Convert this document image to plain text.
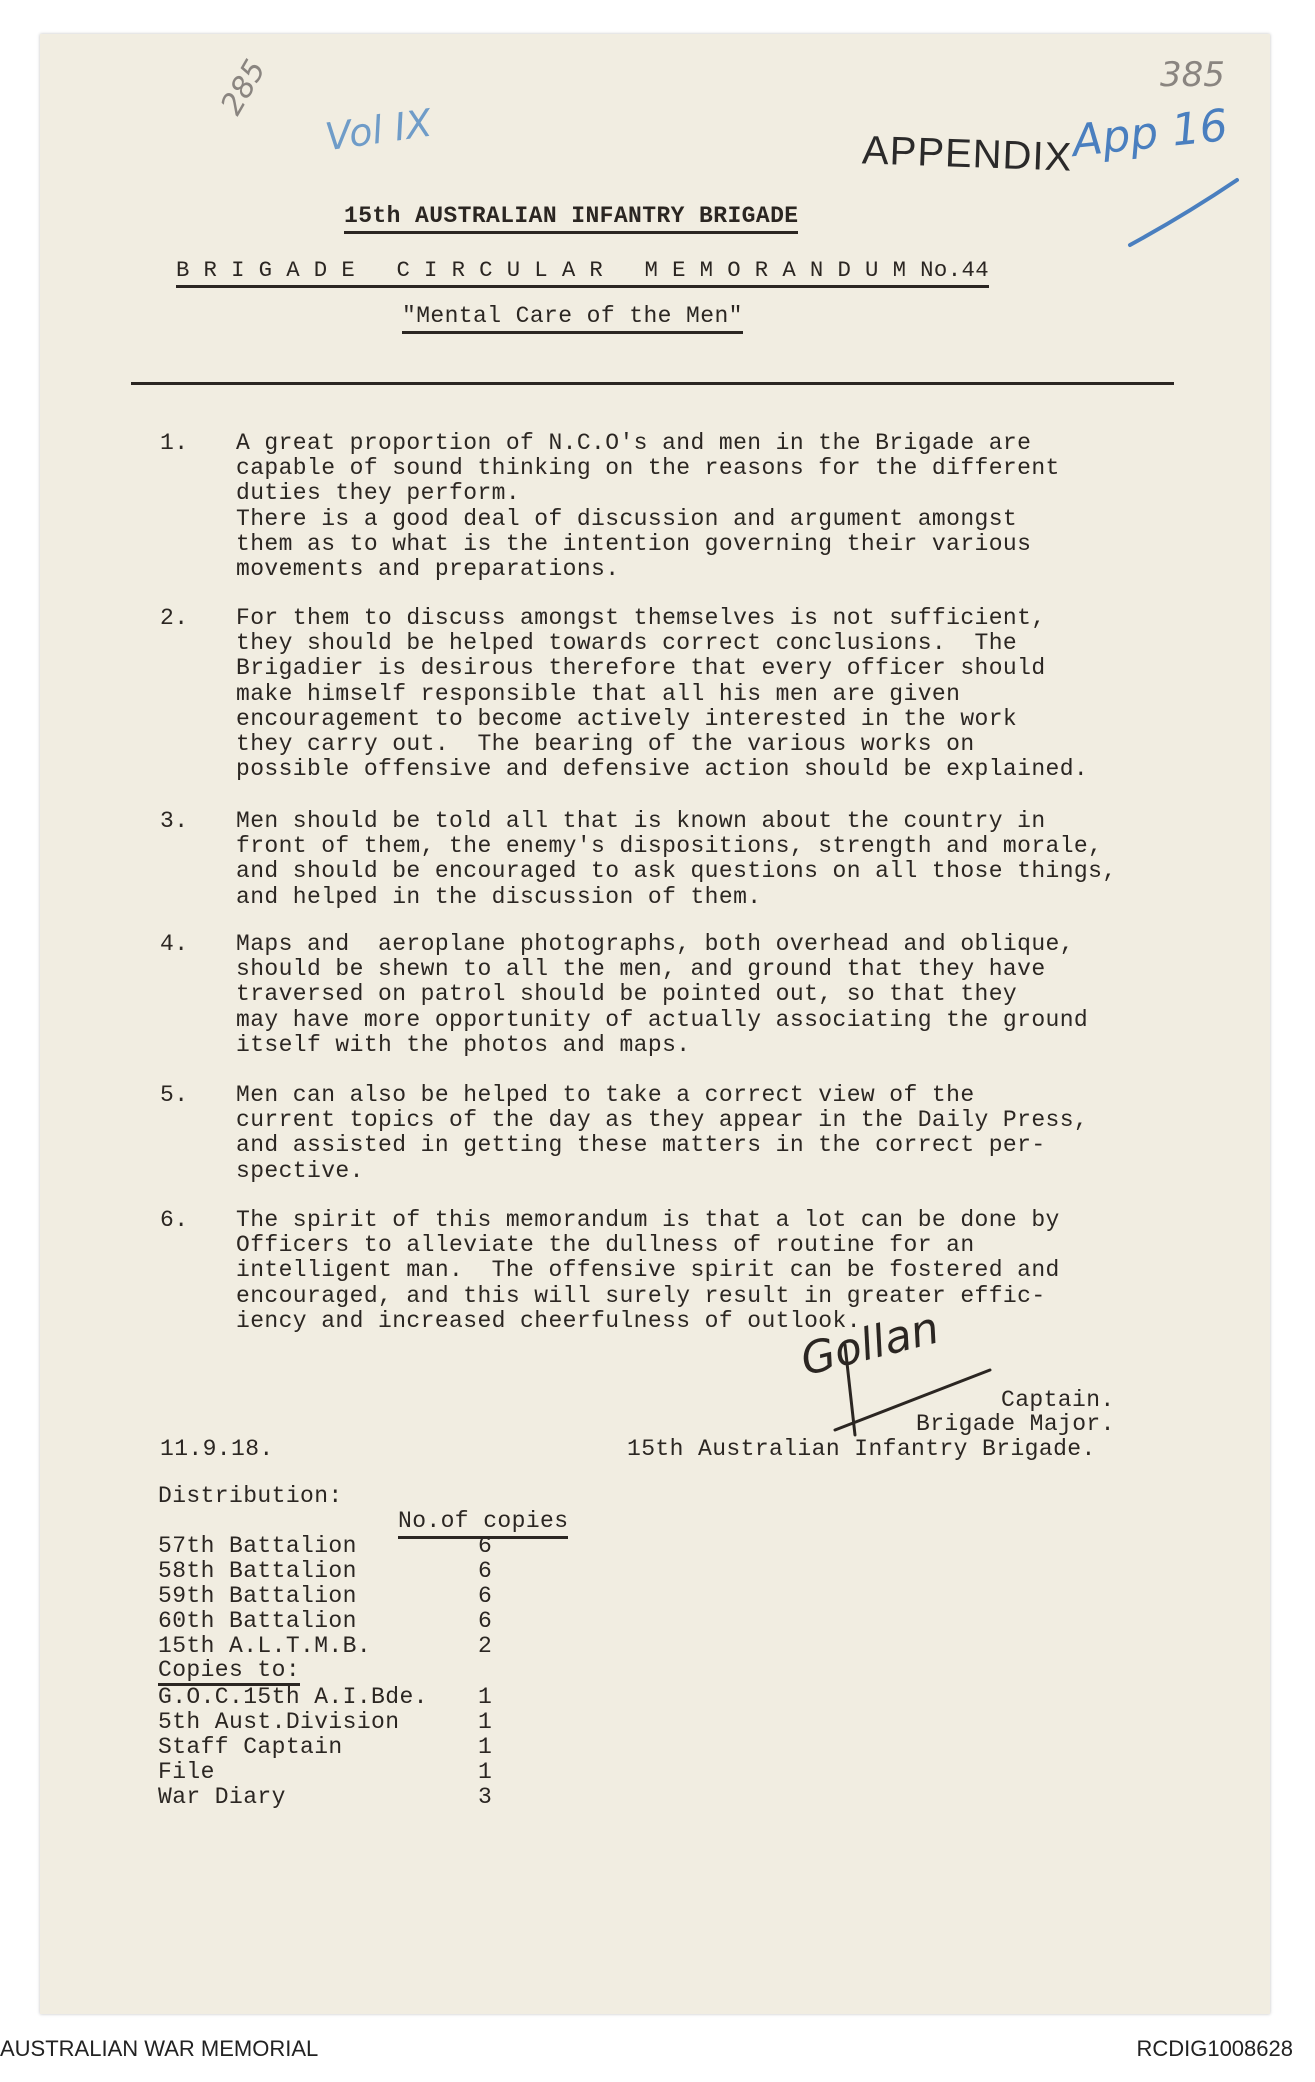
285
Vol IX
385
APPENDIX
App 16
15th AUSTRALIAN INFANTRY BRIGADE
B R I G A D E   C I R C U L A R   M E M O R A N D U M No.44
"Mental Care of the Men"
1. A great proportion of N.C.O's and men in the Brigade are
capable of sound thinking on the reasons for the different
duties they perform.
There is a good deal of discussion and argument amongst
them as to what is the intention governing their various
movements and preparations.
2. For them to discuss amongst themselves is not sufficient,
they should be helped towards correct conclusions.  The
Brigadier is desirous therefore that every officer should
make himself responsible that all his men are given
encouragement to become actively interested in the work
they carry out.  The bearing of the various works on
possible offensive and defensive action should be explained.
3. Men should be told all that is known about the country in
front of them, the enemy's dispositions, strength and morale,
and should be encouraged to ask questions on all those things,
and helped in the discussion of them.
4. Maps and  aeroplane photographs, both overhead and oblique,
should be shewn to all the men, and ground that they have
traversed on patrol should be pointed out, so that they
may have more opportunity of actually associating the ground
itself with the photos and maps.
5. Men can also be helped to take a correct view of the
current topics of the day as they appear in the Daily Press,
and assisted in getting these matters in the correct per-
spective.
6. The spirit of this memorandum is that a lot can be done by
Officers to alleviate the dullness of routine for an
intelligent man.  The offensive spirit can be fostered and
encouraged, and this will surely result in greater effic-
iency and increased cheerfulness of outlook.
Gollan
Captain.
Brigade Major.
15th Australian Infantry Brigade.
11.9.18.
Distribution:
No.of copies
57th Battalion	6
58th Battalion	6
59th Battalion	6
60th Battalion	6
15th A.L.T.M.B.	2
Copies to:
G.O.C.15th A.I.Bde. 1
5th Aust.Division	1
Staff Captain	1
File	1
War Diary	3
AUSTRALIAN WAR MEMORIAL	RCDIG1008628
